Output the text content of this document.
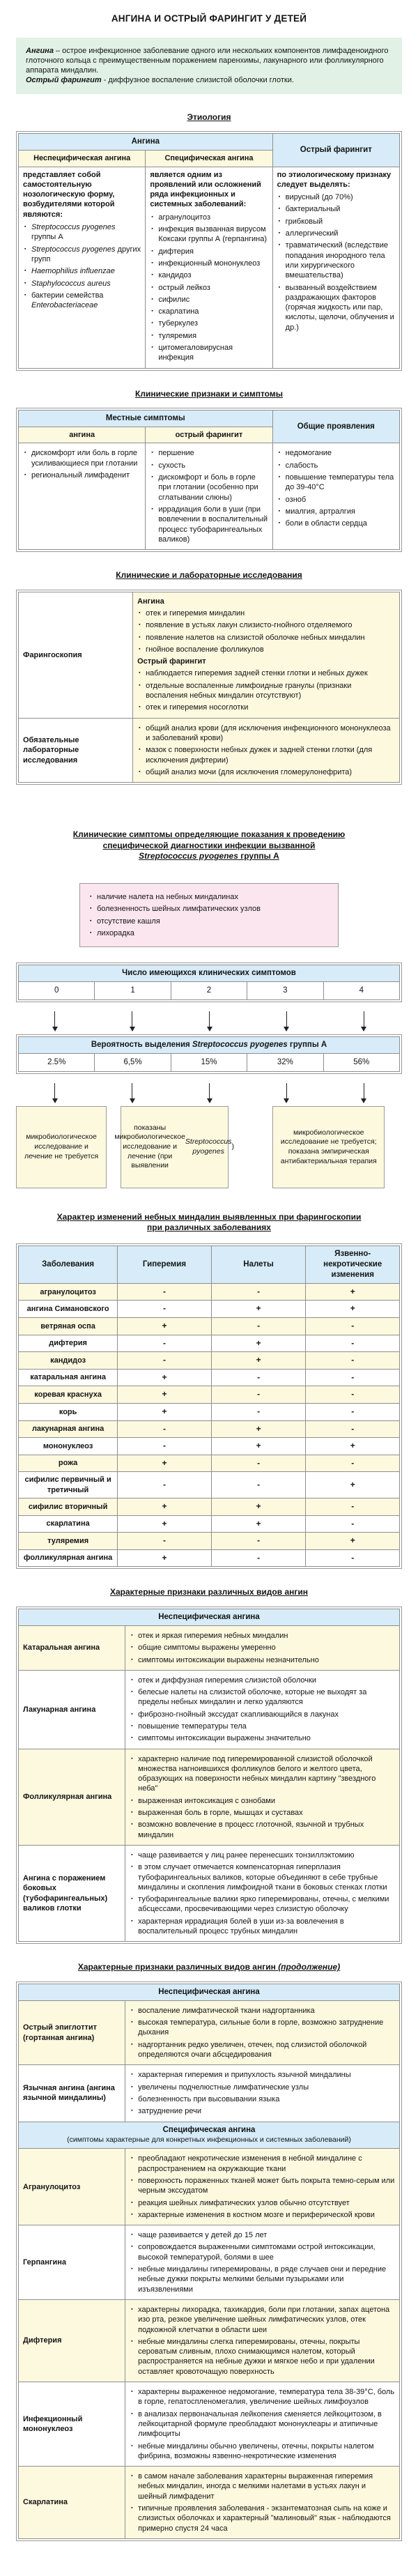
АНГИНА И ОСТРЫЙ ФАРИНГИТ У ДЕТЕЙ
Ангина – острое инфекционное заболевание одного или нескольких компонентов лимфаденоидного глоточного кольца с преимущественным поражением паренхимы, лакунарного или фолликулярного аппарата миндалин.
Острый фарингит - диффузное воспаление слизистой оболочки глотки.
Этиология
Ангина		Острый фарингит
Неспецифическая ангина	Специфическая ангина	

представляет собой самостоятельную нозологическую форму, возбудителями которой являются:
▪ Streptococcus pyogenes группы А
▪ Streptococcus pyogenes других групп
▪ Haemophilius influenzae
▪ Staphylococcus aureus
▪ бактерии семейства Enterobacteriaceae

является одним из проявлений или осложнений ряда инфекционных и системных заболеваний:
▪ агранулоцитоз
▪ инфекция вызванная вирусом Коксаки группы А (герпангина)
▪ дифтерия
▪ инфекционный мононуклеоз
▪ кандидоз
▪ острый лейкоз
▪ сифилис
▪ скарлатина
▪ туберкулез
▪ туляремия
▪ цитомегаловирусная инфекция

по этиологическому признаку следует выделять:
▪ вирусный (до 70%)
▪ бактериальный
▪ грибковый
▪ аллергический
▪ травматический (вследствие попадания инородного тела или хирургического вмешательства)
▪ вызванный воздействием раздражающих факторов (горячая жидкость или пар, кислоты, щелочи, облучения и др.)
Клинические признаки и симптомы
Местные симптомы		Общие проявления
ангина	острый фарингит	

▪ дискомфорт или боль в горле усиливающиеся при глотании
▪ региональный лимфаденит

▪ першение
▪ сухость
▪ дискомфорт и боль в горле при глотании (особенно при сглатывании слюны)
▪ иррадиация боли в уши (при вовлечении в воспалительный процесс тубофарингеальных валиков)

▪ недомогание
▪ слабость
▪ повышение температуры тела до 39-40°С
▪ озноб
▪ миалгия, артралгия
▪ боли в области сердца
Клинические и лабораторные исследования
Фарингоскопия	
Ангина
▪ отек и гиперемия миндалин
▪ появление в устьях лакун слизисто-гнойного отделяемого
▪ появление налетов на слизистой оболочке небных миндалин
▪ гнойное воспаление фолликулов
Острый фарингит
▪ наблюдается гиперемия задней стенки глотки и небных дужек
▪ отдельные воспаленные лимфоидные гранулы (признаки воспаления небных миндалин отсутствуют)
▪ отек и гиперемия носоглотки

Обязательные лабораторные исследования	
▪ общий анализ крови (для исключения инфекционного мононуклеоза и заболеваний крови)
▪ мазок с поверхности небных дужек и задней стенки глотки (для исключения дифтерии)
▪ общий анализ мочи (для исключения гломерулонефрита)
Клинические симптомы определяющие показания к проведению
специфической диагностики инфекции вызванной
Streptococcus pyogenes группы А
▪ наличие налета на небных миндалинах
▪ болезненность шейных лимфатических узлов
▪ отсутствие кашля
▪ лихорадка
Число имеющихся клинических симптомов
0	1	2	3	4
Вероятность выделения Streptococcus pyogenes группы А
2.5%	6,5%	15%	32%	56%
микробиологическое исследование и лечение не требуется
показаны микробиологическое исследование и лечение (при выявлении
Streptococcus pyogenes
)
микробиологическое исследование не требуется; показана эмпирическая антибактериальная терапия
Характер изменений небных миндалин выявленных при фарингоскопии
при различных заболеваниях
Заболевания	Гиперемия	Налеты	Язвенно-некротические изменения
агранулоцитоз	-	-	+
ангина Симановского	-	+	+
ветряная оспа	+	-	-
дифтерия	-	+	-
кандидоз	-	+	-
катаральная ангина	+	-	-
коревая краснуха	+	-	-
корь	+	-	-
лакунарная ангина	-	+	-
мононуклеоз	-	+	+
рожа	+	-	-
сифилис первичный и третичный	-	-	+
сифилис вторичный	+	+	-
скарлатина	+	+	-
туляремия	-	-	+
фолликулярная ангина	+	-	-
Характерные признаки различных видов ангин
Неспецифическая ангина	
Катаральная ангина	
▪ отек и яркая гиперемия небных миндалин
▪ общие симптомы выражены умеренно
▪ симптомы интоксикации выражены незначительно

Лакунарная ангина	
▪ отек и диффузная гиперемия слизистой оболочки
▪ белесые налеты на слизистой оболочке, которые не выходят за пределы небных миндалин и легко удаляются
▪ фиброзно-гнойный экссудат скапливающийся в лакунах
▪ повышение температуры тела
▪ симптомы интоксикации выражены значительно

Фолликулярная ангина	
▪ характерно наличие под гиперемированной слизистой оболочкой множества нагноившихся фолликулов белого и желтого цвета, образующих на поверхности небных миндалин картину "звездного неба"
▪ выраженная интоксикация с ознобами
▪ выраженная боль в горле, мышцах и суставах
▪ возможно вовлечение в процесс глоточной, язычной и трубных миндалин

Ангина с поражением боковых (тубофарингеальных) валиков глотки	
▪ чаще развивается у лиц ранее перенесших тонзиллэктомию
▪ в этом случает отмечается компенсаторная гиперплазия тубофарингеальных валиков, которые объединяют в себе трубные миндалины и скопления лимфоидной ткани в боковых стенках глотки
▪ тубофарингеальные валики ярко гиперемированы, отечны, с мелкими абсцессами, просвечивающими через слизистую оболочку
▪ характерная иррадиация болей в уши из-за вовлечения в воспалительный процесс трубных миндалин
Характерные признаки различных видов ангин (продолжение)
Неспецифическая ангина	
Острый эпиглоттит (гортанная ангина)	
▪ воспаление лимфатической ткани надгортанника
▪ высокая температура, сильные боли в горле, возможно затруднение дыхания
▪ надгортанник редко увеличен, отечен, под слизистой оболочкой определяются очаги абсцедирования

Язычная ангина (ангина язычной миндалины)	
▪ характерная гиперемия и припухлость язычной миндалины
▪ увеличены подчелюстные лимфатические узлы
▪ болезненность при высовывании языка
▪ затруднение речи

Специфическая ангина
(симптомы характерные для конкретных инфекционных и системных заболеваний)	
Агранулоцитоз	
▪ преобладают некротические изменения в небной миндалине с распространением на окружающие ткани
▪ поверхность пораженных тканей может быть покрыта темно-серым или черным экссудатом
▪ реакция шейных лимфатических узлов обычно отсутствует
▪ характерные изменения в костном мозге и периферической крови

Герпангина	
▪ чаще развивается у детей до 15 лет
▪ сопровождается выраженными симптомами острой интоксикации, высокой температурой, болями в шее
▪ небные миндалины гиперемированы, в ряде случаев они и передние небные дужки покрыты мелкими белыми пузырьками или изъязвлениями

Дифтерия	▪ характерны лихорадка, тахикардия, боли при глотании, запах ацетона изо рта, резкое увеличение шейных лимфатических узлов, отек подкожной клетчатки в области шеи
▪ небные миндалины слегка гиперемированы, отечны, покрыты сероватым сливным, плохо снимающимся налетом, который распространяется на небные дужки и мягкое небо и при удалении оставляет кровоточащую поверхность

Инфекционный мононуклеоз	
▪ характерны выраженное недомогание, температура тела 38-39°С, боль в горле, гепатоспленомегалия, увеличение шейных лимфоузлов
▪ в анализах первоначальная лейкопения сменяется лейкоцитозом, в лейкоцитарной формуле преобладают мононуклеары и атипичные лимфоциты
▪ небные миндалины обычно увеличены, отечны, покрыты налетом фибрина, возможны язвенно-некротические изменения

Скарлатина	▪ в самом начале заболевания характерны выраженная гиперемия небных миндалин, иногда с мелкими налетами в устьях лакун и шейный лимфаденит
▪ типичные проявления заболевания - экзантематозная сыпь на коже и слизистых оболочках и характерный "малиновый" язык - наблюдаются примерно спустя 24 часа
